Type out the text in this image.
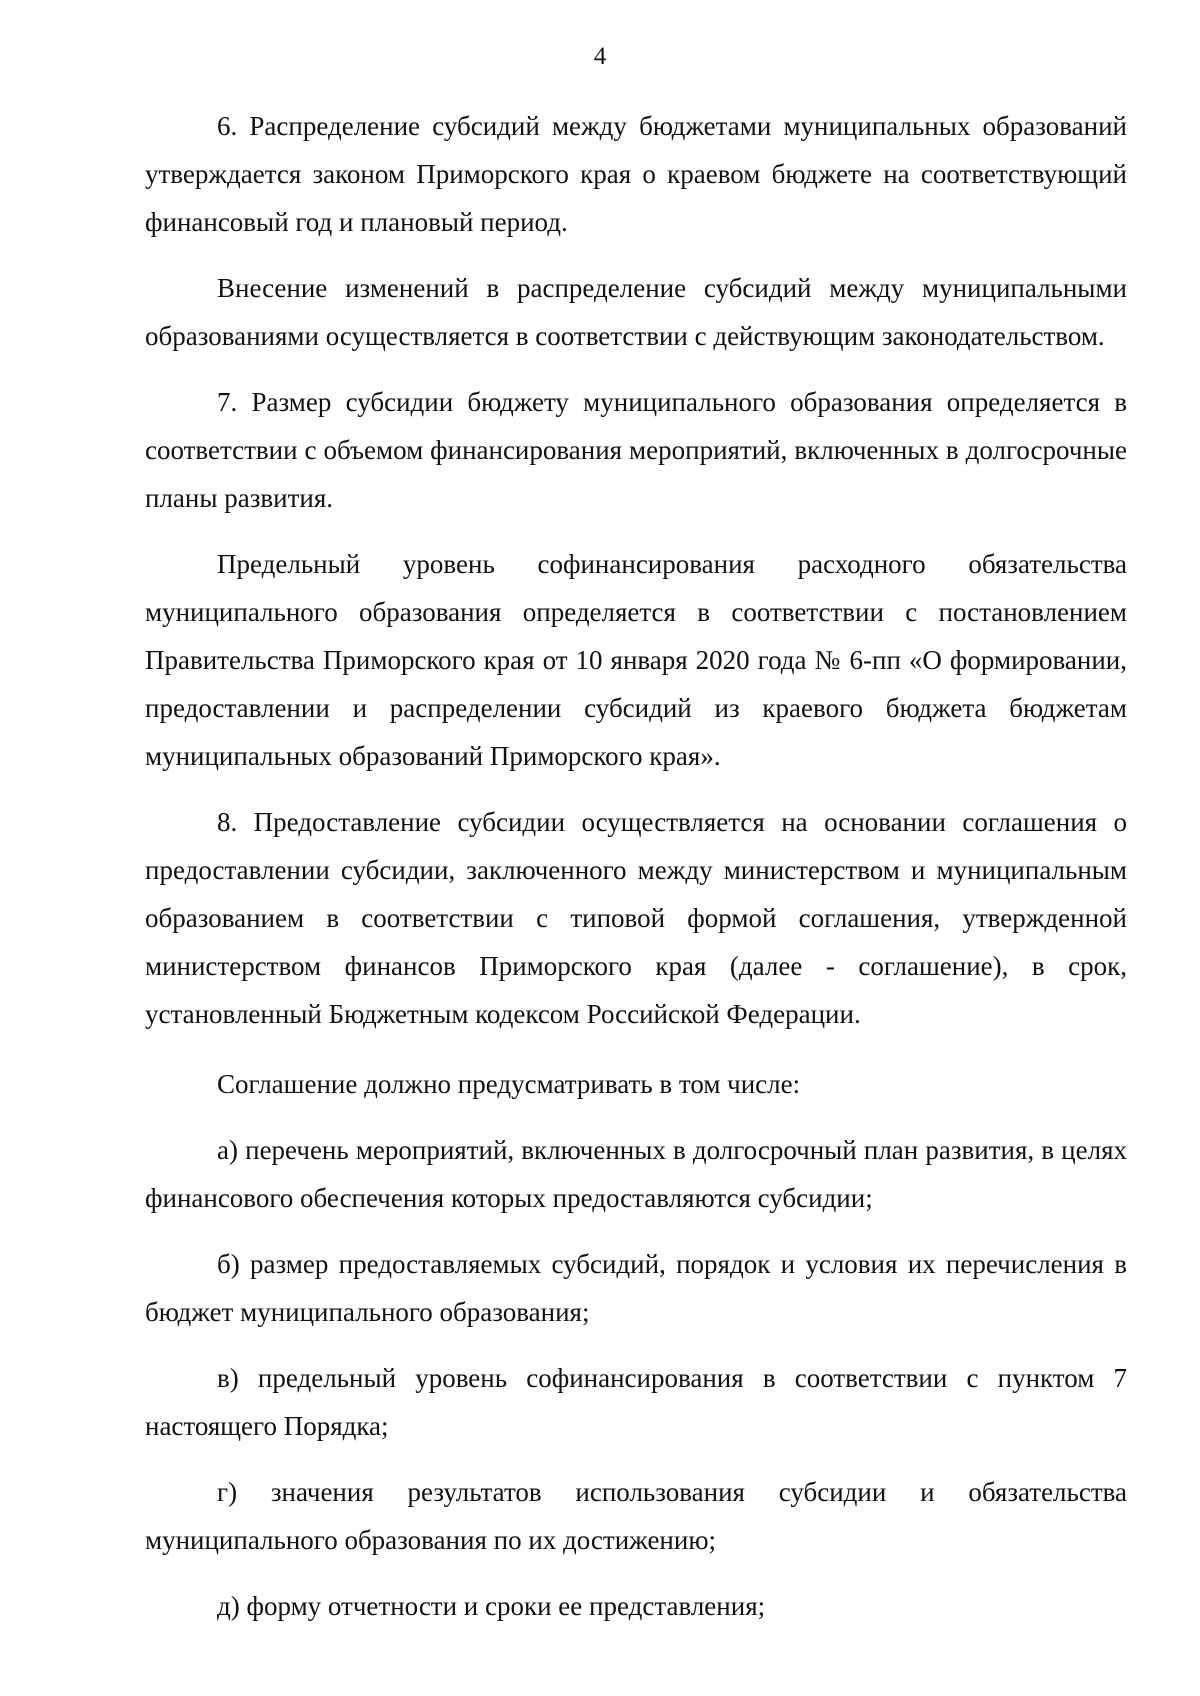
4

6. Распределение субсидий между бюджетами муниципальных образований утверждается законом Приморского края о краевом бюджете на соответствующий финансовый год и плановый период.

Внесение изменений в распределение субсидий между муниципальными образованиями осуществляется в соответствии с действующим законодательством.

7. Размер субсидии бюджету муниципального образования определяется в соответствии с объемом финансирования мероприятий, включенных в долгосрочные планы развития.

Предельный уровень софинансирования расходного обязательства муниципального образования определяется в соответствии с постановлением Правительства Приморского края от 10 января 2020 года № 6-пп «О формировании, предоставлении и распределении субсидий из краевого бюджета бюджетам муниципальных образований Приморского края».

8. Предоставление субсидии осуществляется на основании соглашения о предоставлении субсидии, заключенного между министерством и муниципальным образованием в соответствии с типовой формой соглашения, утвержденной министерством финансов Приморского края (далее - соглашение), в срок, установленный Бюджетным кодексом Российской Федерации.

Соглашение должно предусматривать в том числе:

а) перечень мероприятий, включенных в долгосрочный план развития, в целях финансового обеспечения которых предоставляются субсидии;

б) размер предоставляемых субсидий, порядок и условия их перечисления в бюджет муниципального образования;

в) предельный уровень софинансирования в соответствии с пунктом 7 настоящего Порядка;

г) значения результатов использования субсидии и обязательства муниципального образования по их достижению;

д) форму отчетности и сроки ее представления;
